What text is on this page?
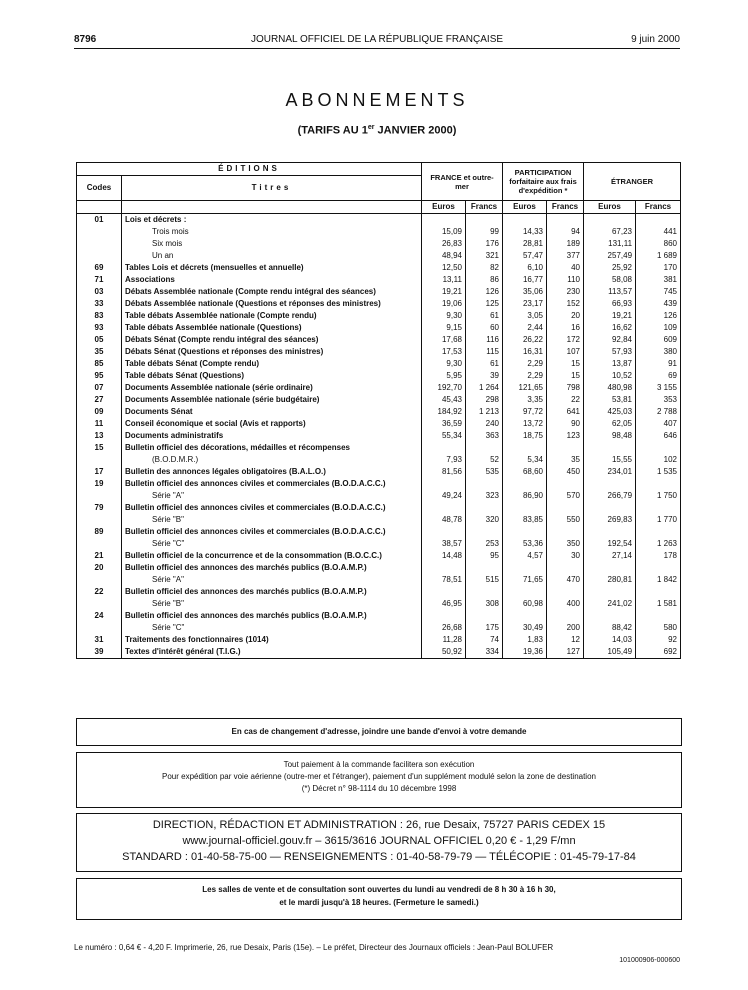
8796	JOURNAL OFFICIEL DE LA RÉPUBLIQUE FRANÇAISE	9 juin 2000
ABONNEMENTS
(TARIFS AU 1er JANVIER 2000)
ÉDITIONS		FRANCE et outre-mer		PARTICIPATION forfaitaire aux frais d'expédition *		ÉTRANGER	
Codes	Titres						
		Euros	Francs	Euros	Francs	Euros	Francs
01	Lois et décrets :						
	Trois mois	15,09	99	14,33	94	67,23	441
	Six mois	26,83	176	28,81	189	131,11	860
	Un an	48,94	321	57,47	377	257,49	1 689
69	Tables Lois et décrets (mensuelles et annuelle)	12,50	82	6,10	40	25,92	170
71	Associations	13,11	86	16,77	110	58,08	381
03	Débats Assemblée nationale (Compte rendu intégral des séances)	19,21	126	35,06	230	113,57	745
33	Débats Assemblée nationale (Questions et réponses des ministres)	19,06	125	23,17	152	66,93	439
83	Table débats Assemblée nationale (Compte rendu)	9,30	61	3,05	20	19,21	126
93	Table débats Assemblée nationale (Questions)	9,15	60	2,44	16	16,62	109
05	Débats Sénat (Compte rendu intégral des séances)	17,68	116	26,22	172	92,84	609
35	Débats Sénat (Questions et réponses des ministres)	17,53	115	16,31	107	57,93	380
85	Table débats Sénat (Compte rendu)	9,30	61	2,29	15	13,87	91
95	Table débats Sénat (Questions)	5,95	39	2,29	15	10,52	69
07	Documents Assemblée nationale (série ordinaire)	192,70	1 264	121,65	798	480,98	3 155
27	Documents Assemblée nationale (série budgétaire)	45,43	298	3,35	22	53,81	353
09	Documents Sénat	184,92	1 213	97,72	641	425,03	2 788
11	Conseil économique et social (Avis et rapports)	36,59	240	13,72	90	62,05	407
13	Documents administratifs	55,34	363	18,75	123	98,48	646
15	Bulletin officiel des décorations, médailles et récompenses						
	(B.O.D.M.R.)	7,93	52	5,34	35	15,55	102
17	Bulletin des annonces légales obligatoires (B.A.L.O.)	81,56	535	68,60	450	234,01	1 535
19	Bulletin officiel des annonces civiles et commerciales (B.O.D.A.C.C.)						
	Série "A"	49,24	323	86,90	570	266,79	1 750
79	Bulletin officiel des annonces civiles et commerciales (B.O.D.A.C.C.)						
	Série "B"	48,78	320	83,85	550	269,83	1 770
89	Bulletin officiel des annonces civiles et commerciales (B.O.D.A.C.C.)						
	Série "C"	38,57	253	53,36	350	192,54	1 263
21	Bulletin officiel de la concurrence et de la consommation (B.O.C.C.)	14,48	95	4,57	30	27,14	178
20	Bulletin officiel des annonces des marchés publics (B.O.A.M.P.)						
	Série "A"	78,51	515	71,65	470	280,81	1 842
22	Bulletin officiel des annonces des marchés publics (B.O.A.M.P.)						
	Série "B"	46,95	308	60,98	400	241,02	1 581
24	Bulletin officiel des annonces des marchés publics (B.O.A.M.P.)						
	Série "C"	26,68	175	30,49	200	88,42	580
31	Traitements des fonctionnaires (1014)	11,28	74	1,83	12	14,03	92
39	Textes d'intérêt général (T.I.G.)	50,92	334	19,36	127	105,49	692
En cas de changement d'adresse, joindre une bande d'envoi à votre demande
Tout paiement à la commande facilitera son exécution
Pour expédition par voie aérienne (outre-mer et l'étranger), paiement d'un supplément modulé selon la zone de destination
(*) Décret n° 98-1114 du 10 décembre 1998
DIRECTION, RÉDACTION ET ADMINISTRATION : 26, rue Desaix, 75727 PARIS CEDEX 15
www.journal-officiel.gouv.fr – 3615/3616 JOURNAL OFFICIEL 0,20 € - 1,29 F/mn
STANDARD : 01-40-58-75-00 — RENSEIGNEMENTS : 01-40-58-79-79 — TÉLÉCOPIE : 01-45-79-17-84
Les salles de vente et de consultation sont ouvertes du lundi au vendredi de 8 h 30 à 16 h 30,
et le mardi jusqu'à 18 heures. (Fermeture le samedi.)
Le numéro : 0,64 € - 4,20 F. Imprimerie, 26, rue Desaix, Paris (15e). – Le préfet, Directeur des Journaux officiels : Jean-Paul BOLUFER
101000906-000600
